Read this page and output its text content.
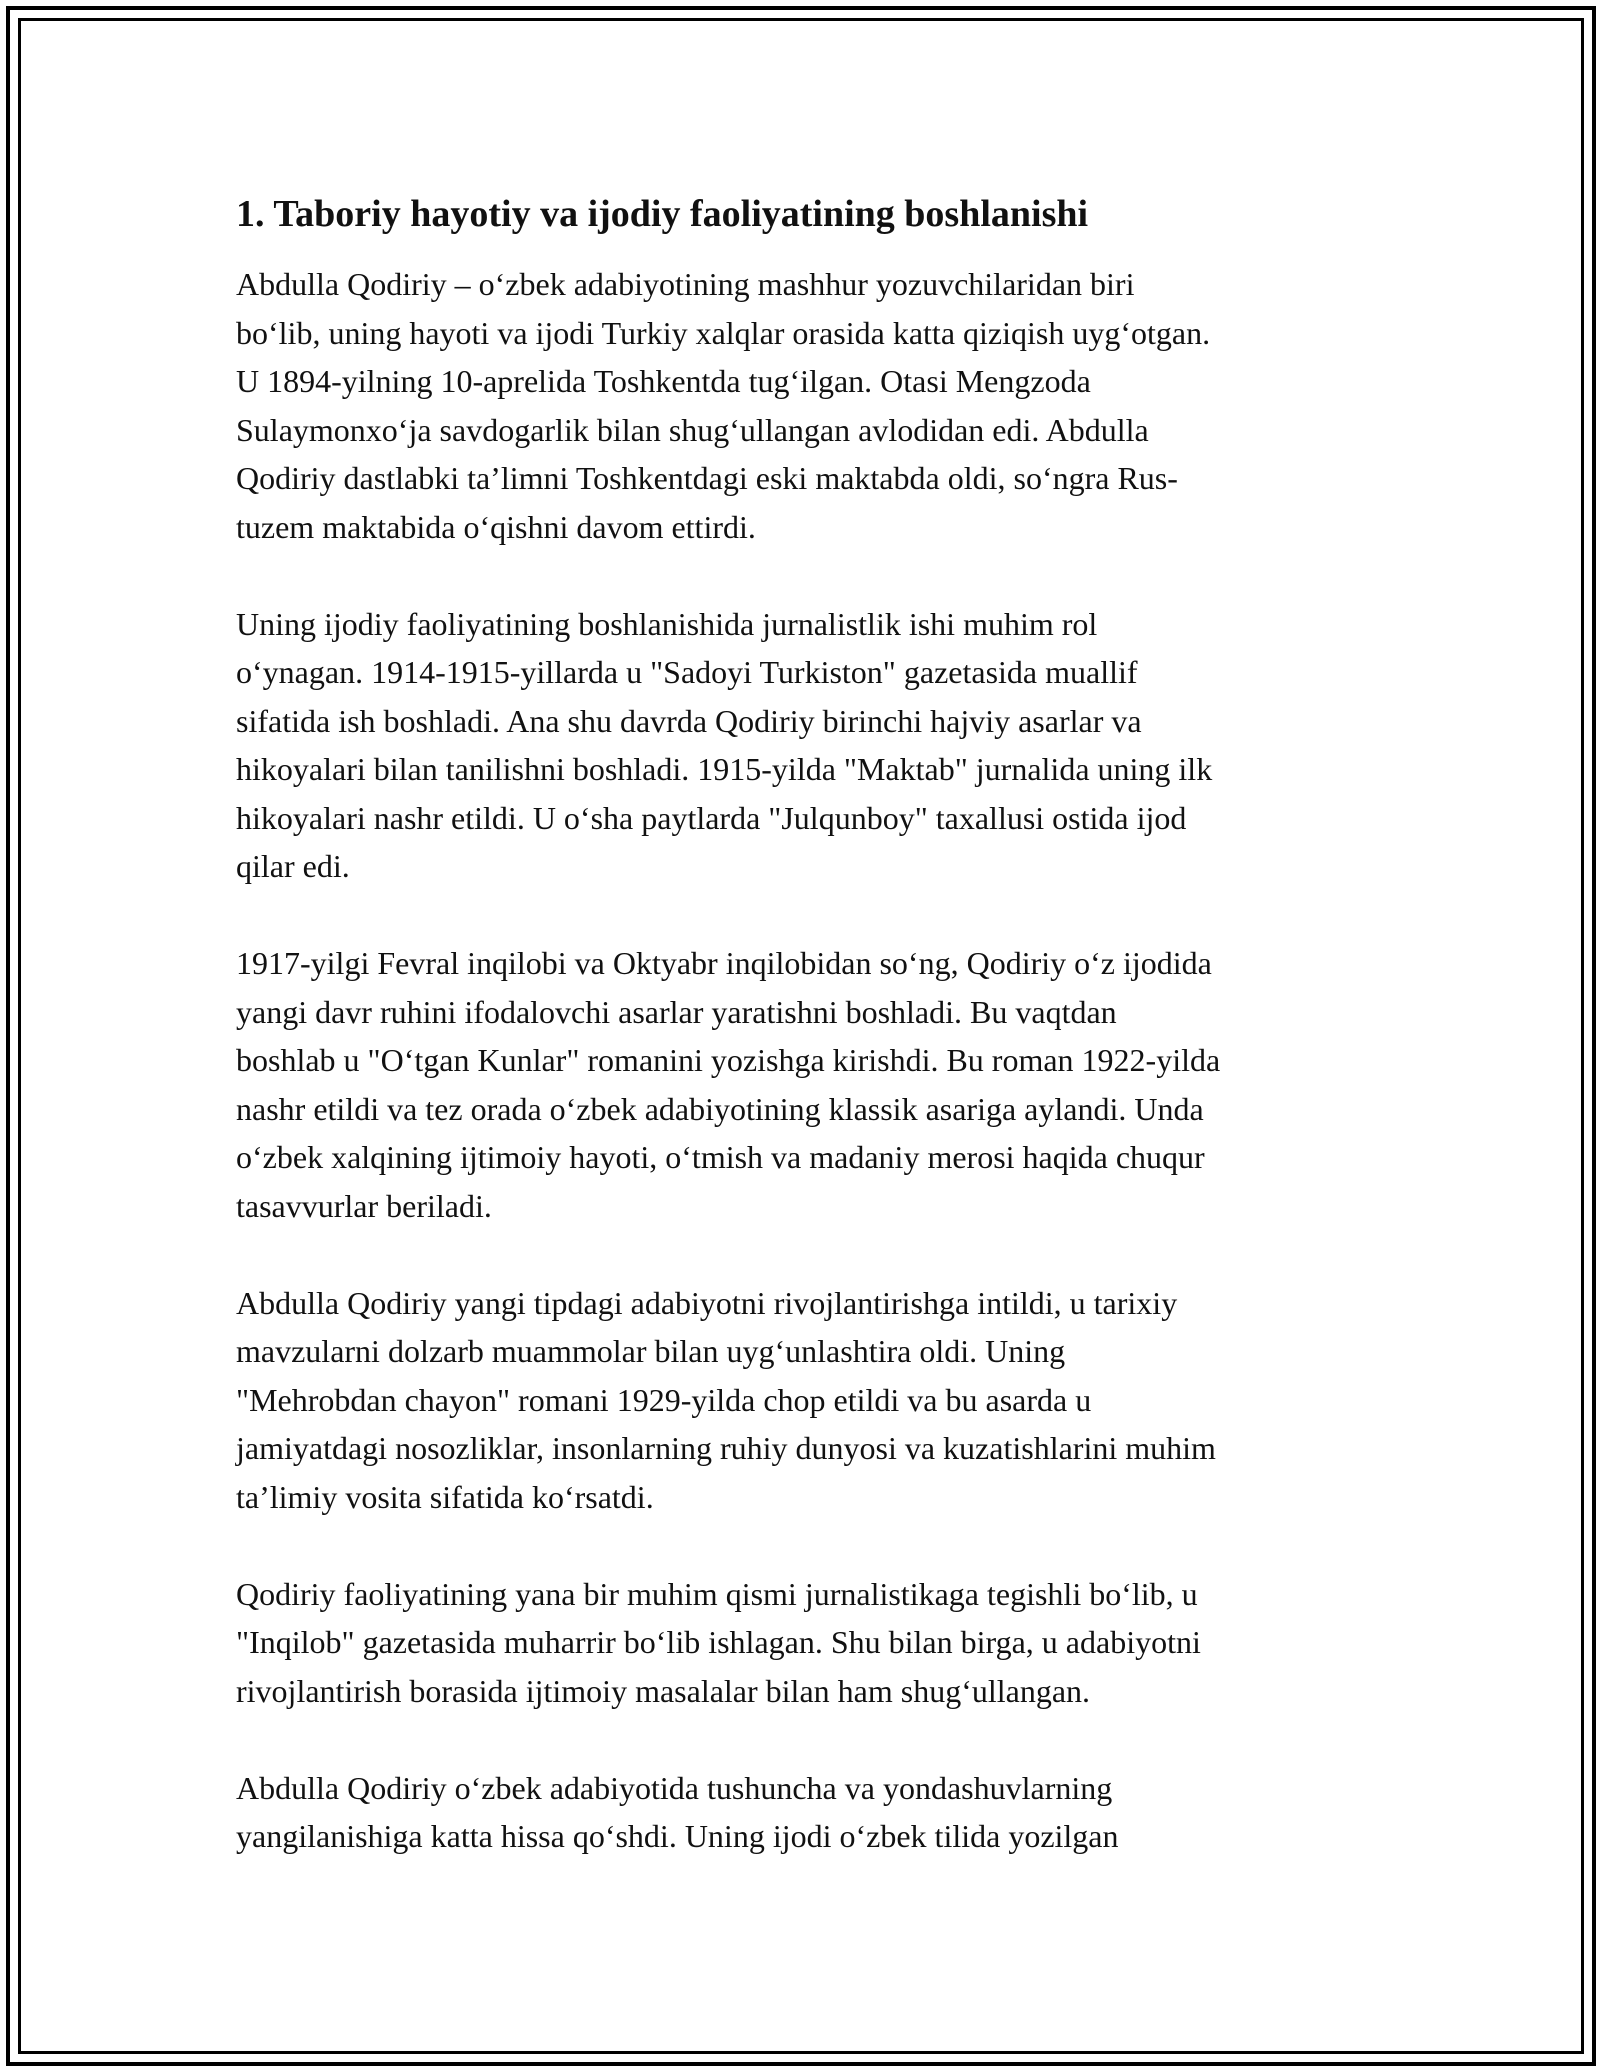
1. Taboriy hayotiy va ijodiy faoliyatining boshlanishi

Abdulla Qodiriy – o‘zbek adabiyotining mashhur yozuvchilaridan biri
bo‘lib, uning hayoti va ijodi Turkiy xalqlar orasida katta qiziqish uyg‘otgan.
U 1894-yilning 10-aprelida Toshkentda tug‘ilgan. Otasi Mengzoda
Sulaymonxo‘ja savdogarlik bilan shug‘ullangan avlodidan edi. Abdulla
Qodiriy dastlabki ta’limni Toshkentdagi eski maktabda oldi, so‘ngra Rus-
tuzem maktabida o‘qishni davom ettirdi.

Uning ijodiy faoliyatining boshlanishida jurnalistlik ishi muhim rol
o‘ynagan. 1914-1915-yillarda u "Sadoyi Turkiston" gazetasida muallif
sifatida ish boshladi. Ana shu davrda Qodiriy birinchi hajviy asarlar va
hikoyalari bilan tanilishni boshladi. 1915-yilda "Maktab" jurnalida uning ilk
hikoyalari nashr etildi. U o‘sha paytlarda "Julqunboy" taxallusi ostida ijod
qilar edi.

1917-yilgi Fevral inqilobi va Oktyabr inqilobidan so‘ng, Qodiriy o‘z ijodida
yangi davr ruhini ifodalovchi asarlar yaratishni boshladi. Bu vaqtdan
boshlab u "O‘tgan Kunlar" romanini yozishga kirishdi. Bu roman 1922-yilda
nashr etildi va tez orada o‘zbek adabiyotining klassik asariga aylandi. Unda
o‘zbek xalqining ijtimoiy hayoti, o‘tmish va madaniy merosi haqida chuqur
tasavvurlar beriladi.

Abdulla Qodiriy yangi tipdagi adabiyotni rivojlantirishga intildi, u tarixiy
mavzularni dolzarb muammolar bilan uyg‘unlashtira oldi. Uning
"Mehrobdan chayon" romani 1929-yilda chop etildi va bu asarda u
jamiyatdagi nosozliklar, insonlarning ruhiy dunyosi va kuzatishlarini muhim
ta’limiy vosita sifatida ko‘rsatdi.

Qodiriy faoliyatining yana bir muhim qismi jurnalistikaga tegishli bo‘lib, u
"Inqilob" gazetasida muharrir bo‘lib ishlagan. Shu bilan birga, u adabiyotni
rivojlantirish borasida ijtimoiy masalalar bilan ham shug‘ullangan.

Abdulla Qodiriy o‘zbek adabiyotida tushuncha va yondashuvlarning
yangilanishiga katta hissa qo‘shdi. Uning ijodi o‘zbek tilida yozilgan
